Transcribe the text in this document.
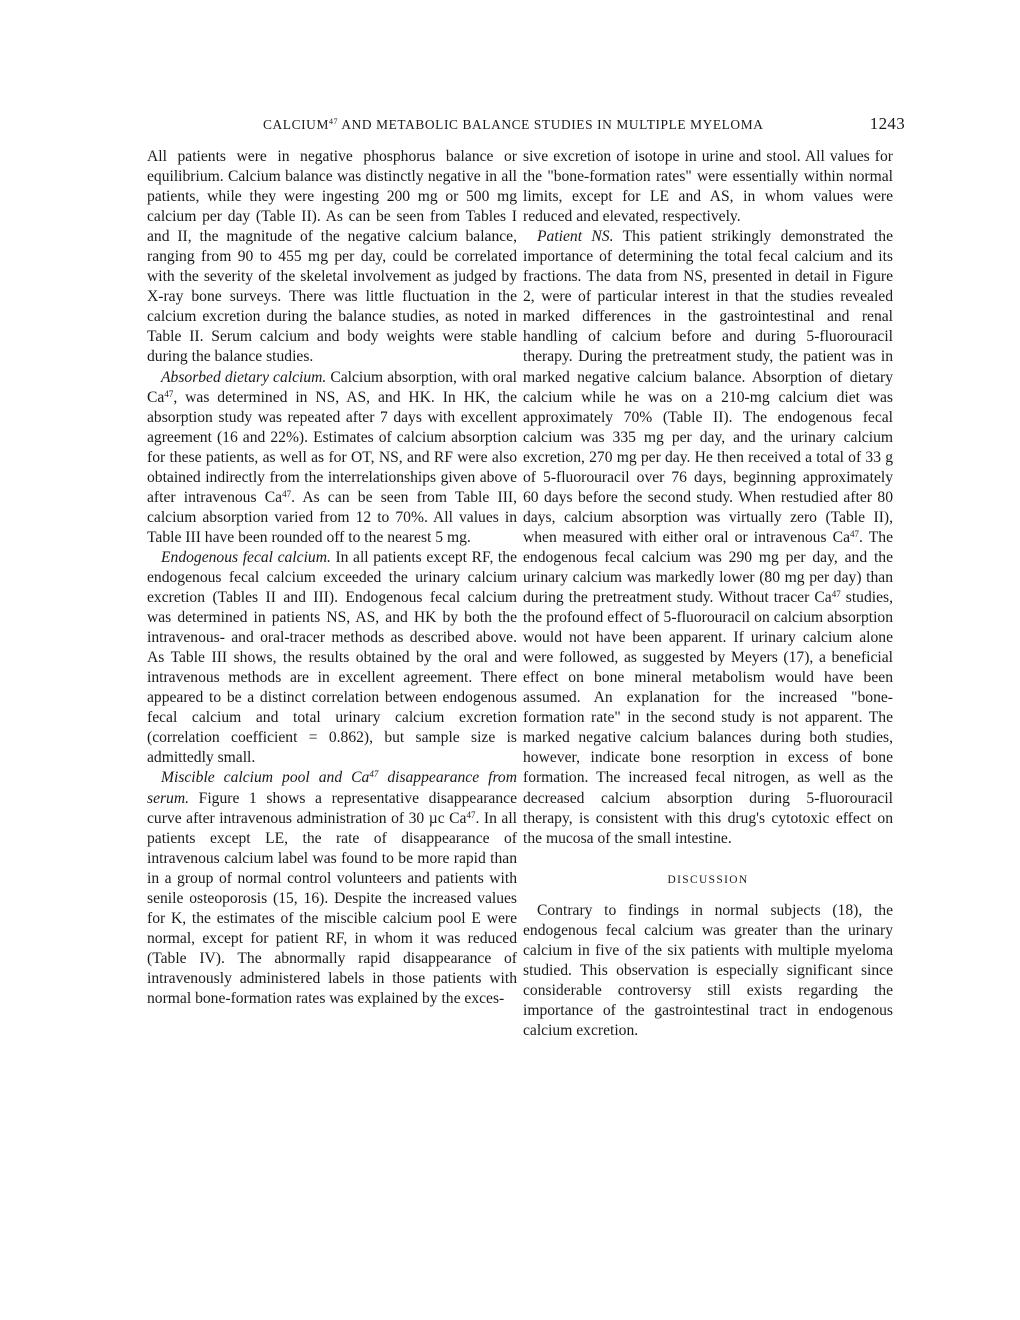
CALCIUM$^{47}$ AND METABOLIC BALANCE STUDIES IN MULTIPLE MYELOMA	1243

All patients were in negative phosphorus balance or equilibrium. Calcium balance was distinctly negative in all patients, while they were ingesting 200 mg or 500 mg calcium per day (Table II). As can be seen from Tables I and II, the magnitude of the negative calcium balance, ranging from 90 to 455 mg per day, could be correlated with the severity of the skeletal involvement as judged by X-ray bone surveys. There was little fluctuation in the calcium excretion during the balance studies, as noted in Table II. Serum calcium and body weights were stable during the balance studies.

Absorbed dietary calcium. Calcium absorption, with oral Ca$^{47}$, was determined in NS, AS, and HK. In HK, the absorption study was repeated after 7 days with excellent agreement (16 and 22%). Estimates of calcium absorption for these patients, as well as for OT, NS, and RF were also obtained indirectly from the interrelationships given above after intravenous Ca$^{47}$. As can be seen from Table III, calcium absorption varied from 12 to 70%. All values in Table III have been rounded off to the nearest 5 mg.

Endogenous fecal calcium. In all patients except RF, the endogenous fecal calcium exceeded the urinary calcium excretion (Tables II and III). Endogenous fecal calcium was determined in patients NS, AS, and HK by both the intravenous- and oral-tracer methods as described above. As Table III shows, the results obtained by the oral and intravenous methods are in excellent agreement. There appeared to be a distinct correlation between endogenous fecal calcium and total urinary calcium excretion (correlation coefficient = 0.862), but sample size is admittedly small.

Miscible calcium pool and Ca$^{47}$ disappearance from serum. Figure 1 shows a representative disappearance curve after intravenous administration of 30 µc Ca$^{47}$. In all patients except LE, the rate of disappearance of intravenous calcium label was found to be more rapid than in a group of normal control volunteers and patients with senile osteoporosis (15, 16). Despite the increased values for K, the estimates of the miscible calcium pool E were normal, except for patient RF, in whom it was reduced (Table IV). The abnormally rapid disappearance of intravenously administered labels in those patients with normal bone-formation rates was explained by the exces-

sive excretion of isotope in urine and stool. All values for the "bone-formation rates" were essentially within normal limits, except for LE and AS, in whom values were reduced and elevated, respectively.

Patient NS. This patient strikingly demonstrated the importance of determining the total fecal calcium and its fractions. The data from NS, presented in detail in Figure 2, were of particular interest in that the studies revealed marked differences in the gastrointestinal and renal handling of calcium before and during 5-fluorouracil therapy. During the pretreatment study, the patient was in marked negative calcium balance. Absorption of dietary calcium while he was on a 210-mg calcium diet was approximately 70% (Table II). The endogenous fecal calcium was 335 mg per day, and the urinary calcium excretion, 270 mg per day. He then received a total of 33 g of 5-fluorouracil over 76 days, beginning approximately 60 days before the second study. When restudied after 80 days, calcium absorption was virtually zero (Table II), when measured with either oral or intravenous Ca$^{47}$. The endogenous fecal calcium was 290 mg per day, and the urinary calcium was markedly lower (80 mg per day) than during the pretreatment study. Without tracer Ca$^{47}$ studies, the profound effect of 5-fluorouracil on calcium absorption would not have been apparent. If urinary calcium alone were followed, as suggested by Meyers (17), a beneficial effect on bone mineral metabolism would have been assumed. An explanation for the increased "bone-formation rate" in the second study is not apparent. The marked negative calcium balances during both studies, however, indicate bone resorption in excess of bone formation. The increased fecal nitrogen, as well as the decreased calcium absorption during 5-fluorouracil therapy, is consistent with this drug's cytotoxic effect on the mucosa of the small intestine.

DISCUSSION

Contrary to findings in normal subjects (18), the endogenous fecal calcium was greater than the urinary calcium in five of the six patients with multiple myeloma studied. This observation is especially significant since considerable controversy still exists regarding the importance of the gastrointestinal tract in endogenous calcium excretion.
